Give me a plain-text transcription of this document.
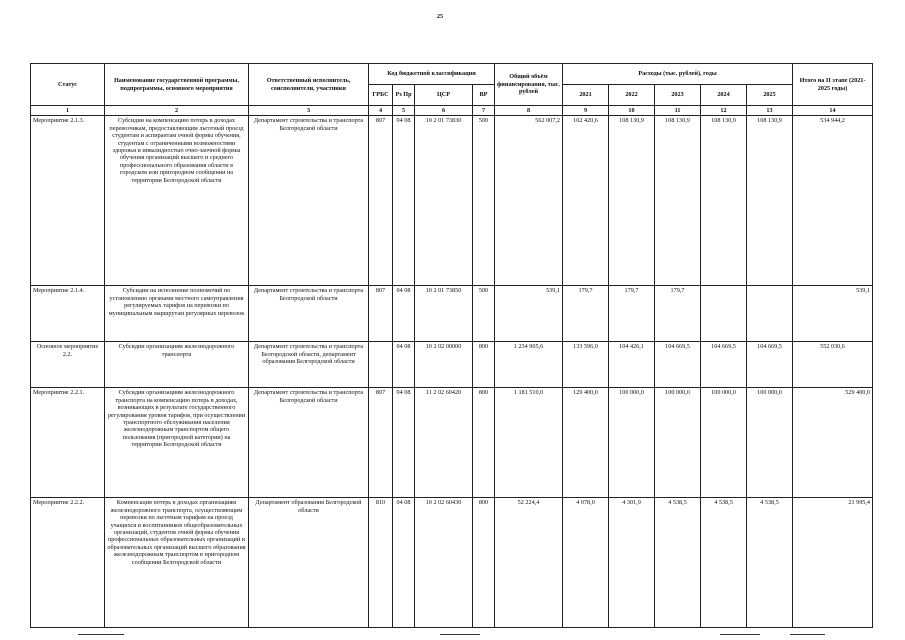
25
Статус	Наименование государственной программы, подпрограммы, основного мероприятия	Ответственный исполнитель, соисполнители, участники	Код бюджетной классификации				Общий объём финансирования, тыс. рублей	Расходы (тыс. рублей), годы					Итого на II этапе (2021-2025 годы)
			ГРБС	Рз Пр	ЦСР	ВР		2021	2022	2023	2024	2025	
1	2	3	4	5	6	7	8	9	10	11	12	13	14
Мероприятие 2.1.3.	Субсидии на компенсацию потерь в доходах перевозчикам, предоставляющим льготный проезд студентам и аспирантам очной формы обучения, студентам с ограниченными возможностями здоровья и инвалидностью очно-заочной формы обучения организаций высшего и среднего профессионального образования области в городском или пригородном сообщении на территории Белгородской области	Департамент строительства и транспорта Белгородской области	807	04 08	10 2 01 73830	500	562 007,2	102 420,6	108 130,9	108 130,9	108 130,9	108 130,9	534 944,2
Мероприятие 2.1.4.	Субсидии на исполнение полномочий по установлению органами местного самоуправления регулируемых тарифов на перевозки по муниципальным маршрутам регулярных перевозок	Департамент строительства и транспорта Белгородской области	807	04 08	10 2 01 73850	500	539,1	179,7	179,7	179,7			539,1
Основное мероприятие 2.2.	Субсидии организациям железнодорожного транспорта	Департамент строительства и транспорта Белгородской области, департамент образования Белгородской области		04 08	10 2 02 00000	800	1 234 905,6	133 596,0	104 426,1	104 669,5	104 669,5	104 669,5	552 030,6
Мероприятие 2.2.1.	Субсидии организациям железнодорожного транспорта на компенсацию потерь в доходах, возникающих в результате государственного регулирования уровня тарифов, при осуществлении транспортного обслуживания населения железнодорожным транспортом общего пользования (пригородной категории) на территории Белгородской области	Департамент строительства и транспорта Белгородской области	807	04 08	11 2 02 60420	800	1 181 510,0	129 400,0	100 000,0	100 000,0	100 000,0	100 000,0	529 400,0
Мероприятие 2.2.2.	Компенсация потерь в доходах организациям железнодорожного транспорта, осуществляющим перевозки по льготным тарифам на проезд учащихся и воспитанников общеобразовательных организаций, студентов очной формы обучения профессиональных образовательных организаций и образовательных организаций высшего образования железнодорожным транспортом в пригородном сообщении Белгородской области	Департамент образования Белгородской области	810	04 08	10 2 02 60430	800	52 224,4	4 078,0	4 301,9	4 538,5	4 538,5	4 538,5	21 995,4
